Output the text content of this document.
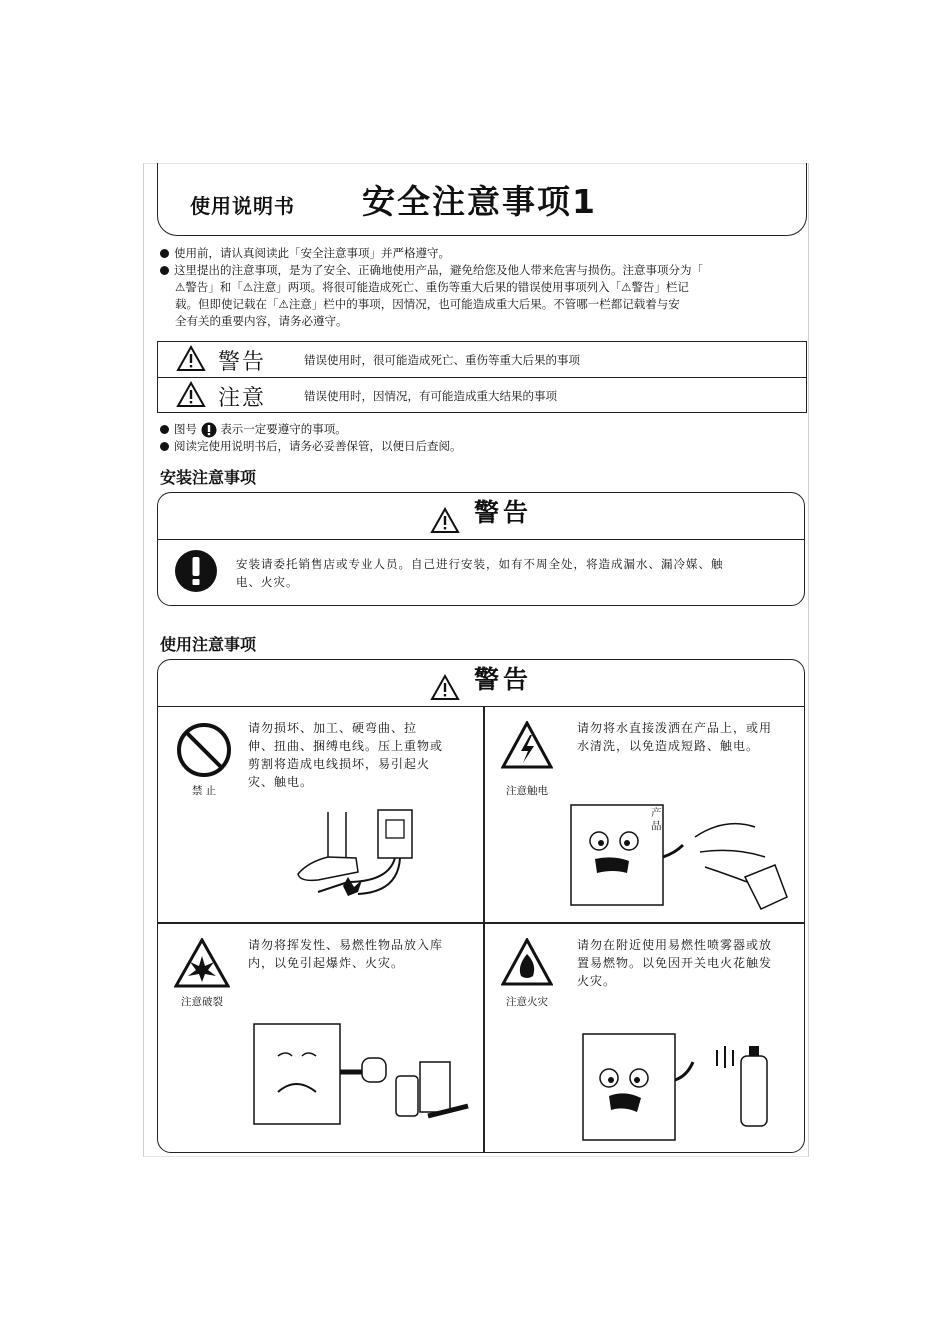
使用说明书 安全注意事项1
使用前，请认真阅读此「安全注意事项」并严格遵守。
这里提出的注意事项，是为了安全、正确地使用产品，避免给您及他人带来危害与损伤。注意事项分为「
⚠警告」和「⚠注意」两项。将很可能造成死亡、重伤等重大后果的错误使用事项列入「⚠警告」栏记
载。但即使记载在「⚠注意」栏中的事项，因情况，也可能造成重大后果。不管哪一栏都记载着与安
全有关的重要内容，请务必遵守。
警告	错误使用时，很可能造成死亡、重伤等重大后果的事项
注意	错误使用时，因情况，有可能造成重大结果的事项
图号 表示一定要遵守的事项。
阅读完使用说明书后，请务必妥善保管，以便日后查阅。
安装注意事项
警告
安装请委托销售店或专业人员。自己进行安装，如有不周全处，将造成漏水、漏冷媒、触
电、火灾。
使用注意事项
警告
禁 止
请勿损坏、加工、硬弯曲、拉
伸、扭曲、捆缚电线。压上重物或
剪割将造成电线损坏，易引起火
灾、触电。
注意触电
请勿将水直接泼洒在产品上，或用
水清洗，以免造成短路、触电。
产品
注意破裂
请勿将挥发性、易燃性物品放入库
内，以免引起爆炸、火灾。
注意火灾
请勿在附近使用易燃性喷雾器或放
置易燃物。以免因开关电火花触发
火灾。
